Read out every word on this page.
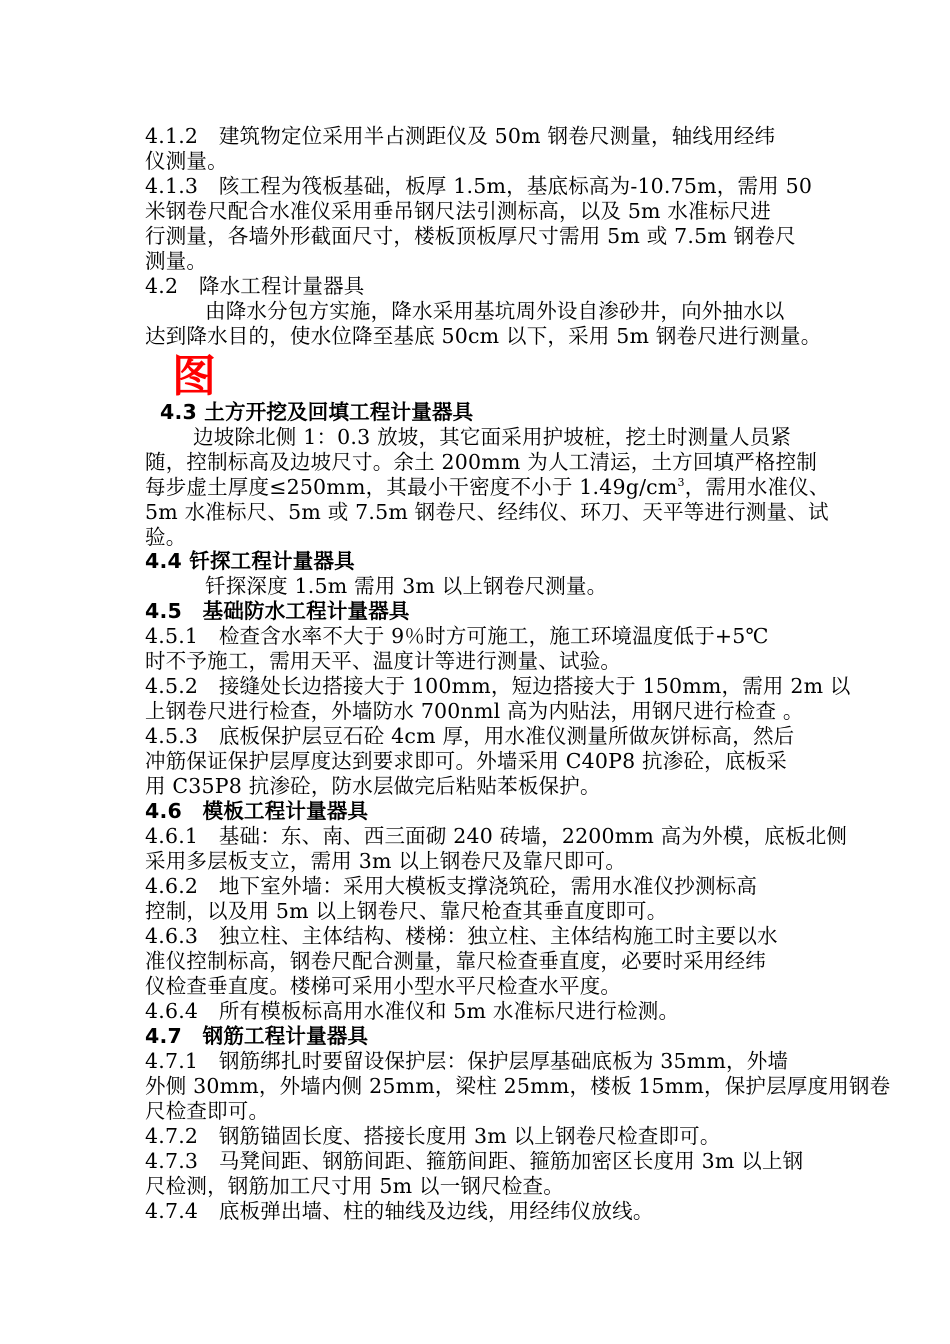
4.1.2　建筑物定位采用半占测距仪及 50m 钢卷尺测量，轴线用经纬
仪测量。
4.1.3　陔工程为筏板基础，板厚 1.5m，基底标高为-10.75m，需用 50
米钢卷尺配合水准仪采用垂吊钢尺法引测标高，以及 5m 水准标尺进
行测量，各墙外形截面尺寸，楼板顶板厚尺寸需用 5m 或 7.5m 钢卷尺
测量。
4.2　降水工程计量器具
由降水分包方实施，降水采用基坑周外设自渗砂井，向外抽水以
达到降水目的，使水位降至基底 50cm 以下，采用 5m 钢卷尺进行测量。
图
4.3 土方开挖及回填工程计量器具
边坡除北侧 1：0.3 放坡，其它面采用护坡桩，挖土时测量人员紧
随，控制标高及边坡尺寸。余土 200mm 为人工清运，土方回填严格控制
每步虚土厚度≤250mm，其最小干密度不小于 $1.49g/cm^3$，需用水准仪、
5m 水准标尺、5m 或 7.5m 钢卷尺、经纬仪、环刀、天平等进行测量、试
验。
4.4 钎探工程计量器具
钎探深度 1.5m 需用 3m 以上钢卷尺测量。
4.5　基础防水工程计量器具
4.5.1　检查含水率不大于 9％时方可施工，施工环境温度低于+5℃
时不予施工，需用天平、温度计等进行测量、试验。
4.5.2　接缝处长边搭接大于 100mm，短边搭接大于 150mm，需用 2m 以
上钢卷尺进行检查，外墙防水 700nml 高为内贴法，用钢尺进行检查 。
4.5.3　底板保护层豆石砼 4cm 厚，用水准仪测量所做灰饼标高，然后
冲筋保证保护层厚度达到要求即可。外墙采用 C40P8 抗渗砼，底板采
用 C35P8 抗渗砼，防水层做完后粘贴苯板保护。
4.6　模板工程计量器具
4.6.1　基础：东、南、西三面砌 240 砖墙，2200mm 高为外模，底板北侧
采用多层板支立，需用 3m 以上钢卷尺及靠尺即可。
4.6.2　地下室外墙：采用大模板支撑浇筑砼，需用水准仪抄测标高
控制，以及用 5m 以上钢卷尺、靠尺枪查其垂直度即可。
4.6.3　独立柱、主体结构、楼梯：独立柱、主体结构施工时主要以水
准仪控制标高，钢卷尺配合测量，靠尺检查垂直度，必要时采用经纬
仪检查垂直度。楼梯可采用小型水平尺检查水平度。
4.6.4　所有模板标高用水准仪和 5m 水准标尺进行检测。
4.7　钢筋工程计量器具
4.7.1　钢筋绑扎时要留设保护层：保护层厚基础底板为 35mm，外墙
外侧 30mm，外墙内侧 25mm，梁柱 25mm，楼板 15mm，保护层厚度用钢卷
尺检查即可。
4.7.2　钢筋锚固长度、搭接长度用 3m 以上钢卷尺检查即可。
4.7.3　马凳间距、钢筋间距、箍筋间距、箍筋加密区长度用 3m 以上钢
尺检测，钢筋加工尺寸用 5m 以一钢尺检查。
4.7.4　底板弹出墙、柱的轴线及边线，用经纬仪放线。
